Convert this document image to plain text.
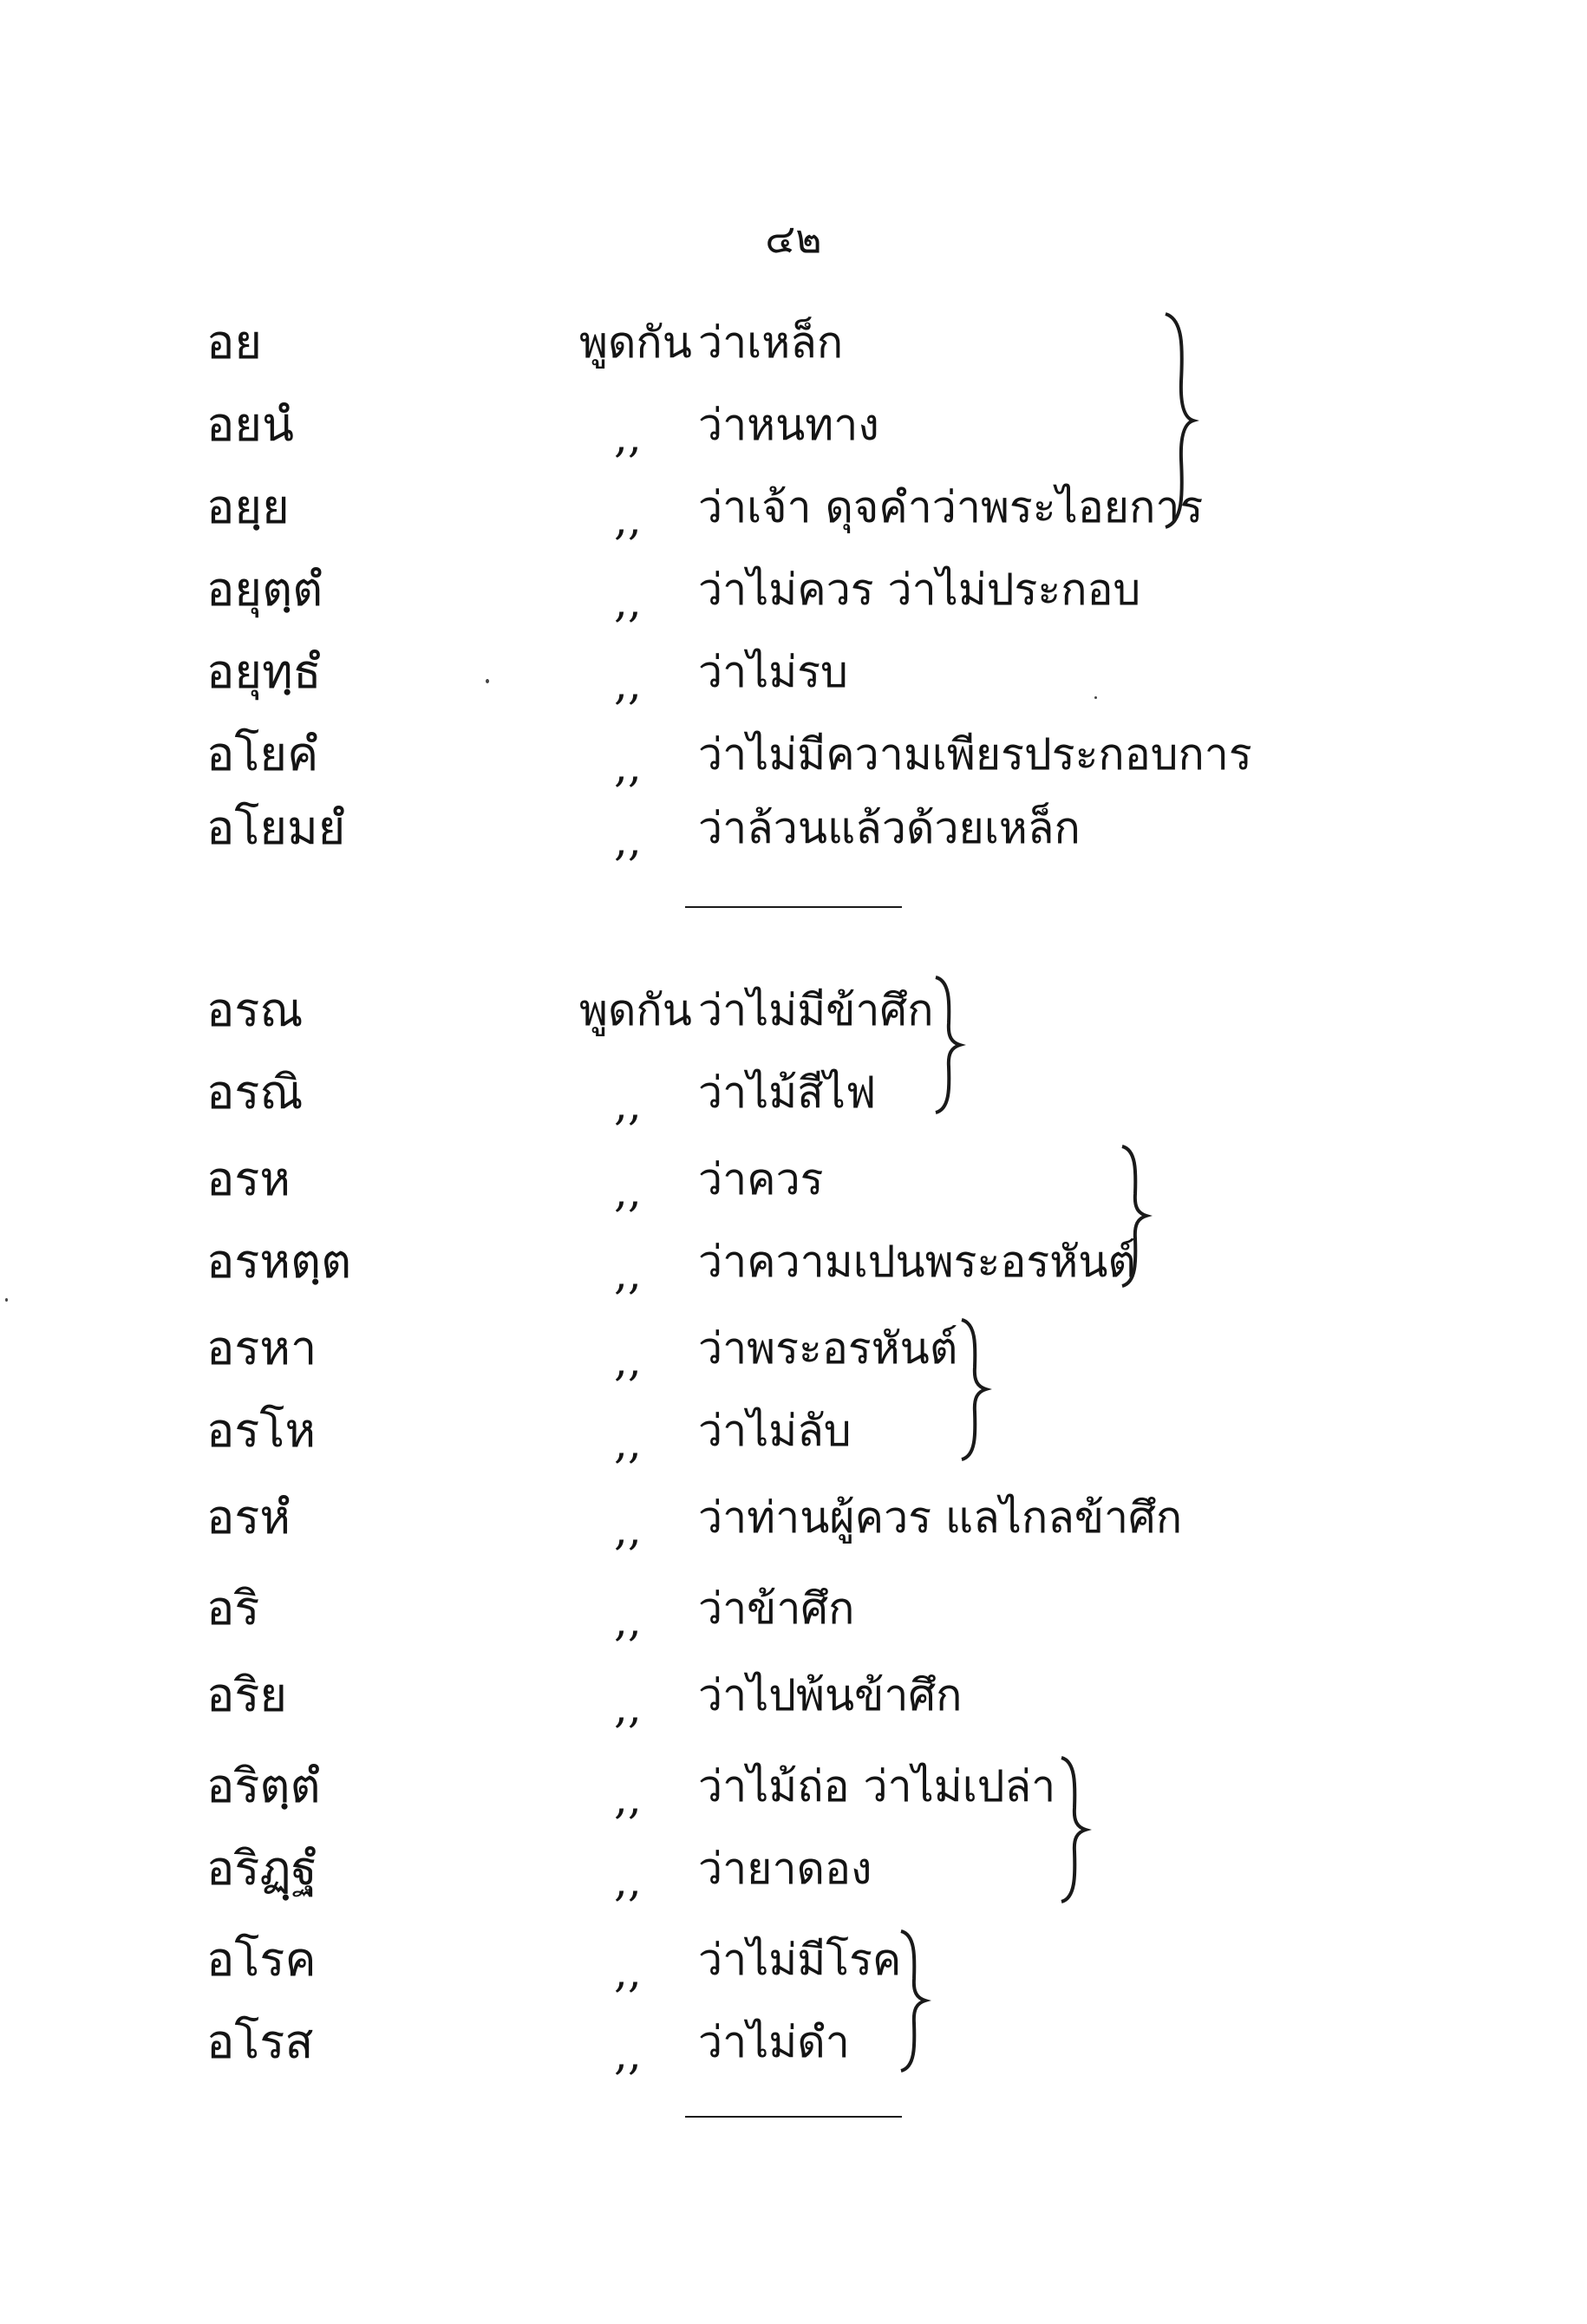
๔๒
อย	พูดกัน ว่าเหล็ก
อยนํ	,, ว่าหนทาง
อยฺย	,, ว่าเจ้า ดุจคำว่าพระไอยการ
อยุตฺตํ	,, ว่าไม่ควร ว่าไม่ประกอบ
อยุทฺธํ	,, ว่าไม่รบ
อโยคํ	,, ว่าไม่มีความเพียรประกอบการ
อโยมยํ	,, ว่าล้วนแล้วด้วยเหล็ก
อรณ	พูดกัน ว่าไม่มีข้าศึก
อรณิ	,, ว่าไม้สีไฟ
อรห	,, ว่าควร
อรหตฺต	,, ว่าความเปนพระอรหันต์
อรหา	,, ว่าพระอรหันต์
อรโห	,, ว่าไม่ลับ
อรหํ	,, ว่าท่านผู้ควร แลไกลข้าศึก
อริ	,, ว่าข้าศึก
อริย	,, ว่าไปพ้นข้าศึก
อริตฺตํ	,, ว่าไม้ถ่อ ว่าไม่เปล่า
อริฏฺฐํ	,, ว่ายาดอง
อโรค	,, ว่าไม่มีโรค
อโรส	,, ว่าไม่ดำ
